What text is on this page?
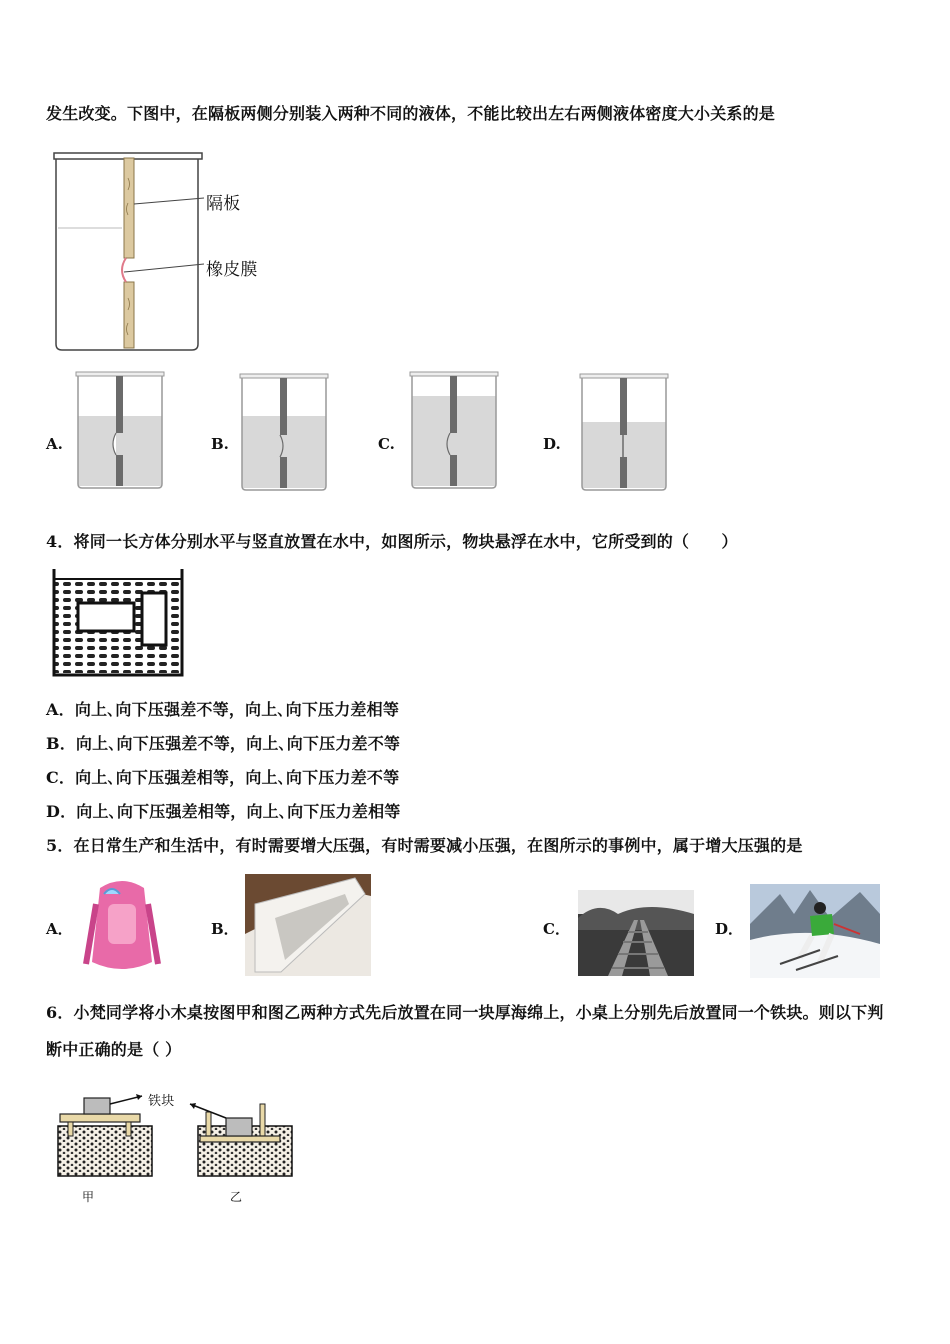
发生改变。下图中，在隔板两侧分别装入两种不同的液体，不能比较出左右两侧液体密度大小关系的是
隔板
橡皮膜
A.	B.	C.	D.
4．将同一长方体分别水平与竖直放置在水中，如图所示，物块悬浮在水中，它所受到的（　　）
A．向上､向下压强差不等，向上､向下压力差相等
B．向上､向下压强差不等，向上､向下压力差不等
C．向上､向下压强差相等，向上､向下压力差不等
D．向上､向下压强差相等，向上､向下压力差相等
5．在日常生产和生活中，有时需要增大压强，有时需要减小压强，在图所示的事例中，属于增大压强的是
A．	B．	C．	D．
6．小梵同学将小木桌按图甲和图乙两种方式先后放置在同一块厚海绵上，小桌上分别先后放置同一个铁块。则以下判
断中正确的是（ ）
铁块
甲	乙
